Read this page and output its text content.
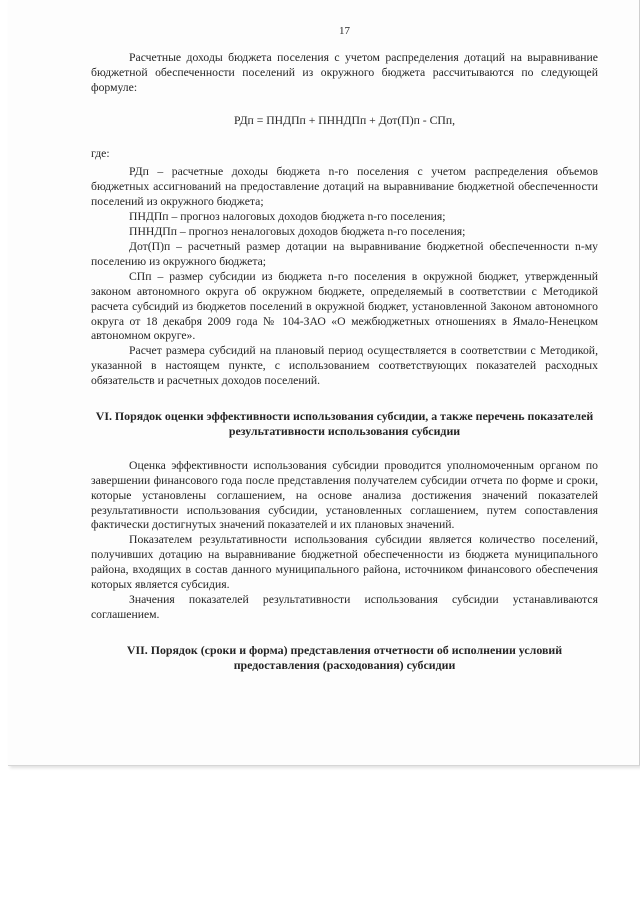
17

Расчетные доходы бюджета поселения с учетом распределения дотаций на выравнивание бюджетной обеспеченности поселений из окружного бюджета рассчитываются по следующей формуле:

РДп = ПНДПп + ПННДПп + Дот(П)п - СПп,

где:

РДп – расчетные доходы бюджета n-го поселения с учетом распределения объемов бюджетных ассигнований на предоставление дотаций на выравнивание бюджетной обеспеченности поселений из окружного бюджета;

ПНДПп – прогноз налоговых доходов бюджета n-го поселения;

ПННДПп – прогноз неналоговых доходов бюджета n-го поселения;

Дот(П)п – расчетный размер дотации на выравнивание бюджетной обеспеченности n-му поселению из окружного бюджета;

СПп – размер субсидии из бюджета n-го поселения в окружной бюджет, утвержденный законом автономного округа об окружном бюджете, определяемый в соответствии с Методикой расчета субсидий из бюджетов поселений в окружной бюджет, установленной Законом автономного округа от 18 декабря 2009 года № 104-ЗАО «О межбюджетных отношениях в Ямало-Ненецком автономном округе».

Расчет размера субсидий на плановый период осуществляется в соответствии с Методикой, указанной в настоящем пункте, с использованием соответствующих показателей расходных обязательств и расчетных доходов поселений.

VI. Порядок оценки эффективности использования субсидии, а также перечень показателей результативности использования субсидии

Оценка эффективности использования субсидии проводится уполномоченным органом по завершении финансового года после представления получателем субсидии отчета по форме и сроки, которые установлены соглашением, на основе анализа достижения значений показателей результативности использования субсидии, установленных соглашением, путем сопоставления фактически достигнутых значений показателей и их плановых значений.

Показателем результативности использования субсидии является количество поселений, получивших дотацию на выравнивание бюджетной обеспеченности из бюджета муниципального района, входящих в состав данного муниципального района, источником финансового обеспечения которых является субсидия.

Значения показателей результативности использования субсидии устанавливаются соглашением.

VII. Порядок (сроки и форма) представления отчетности об исполнении условий предоставления (расходования) субсидии
